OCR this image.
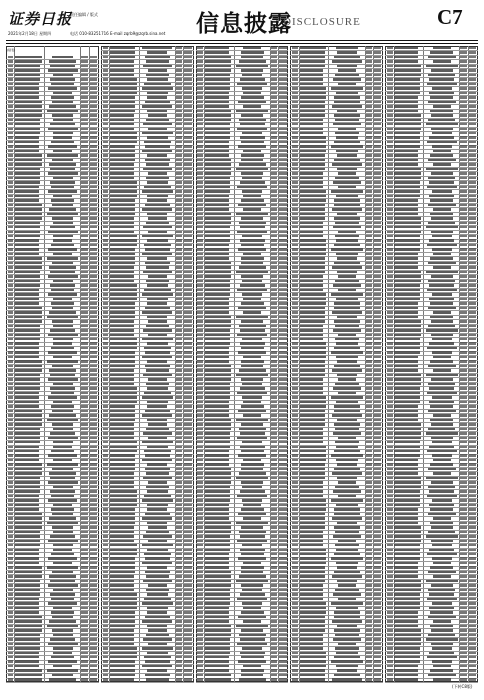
证券日报
责任编辑 / 版式
2021年2月18日 星期四	电话 010-83251716 E-mail zqrb9@zqrb.sina.net 信息披露
DISCLOSURE	C7
(续表)
(下转C8版)
